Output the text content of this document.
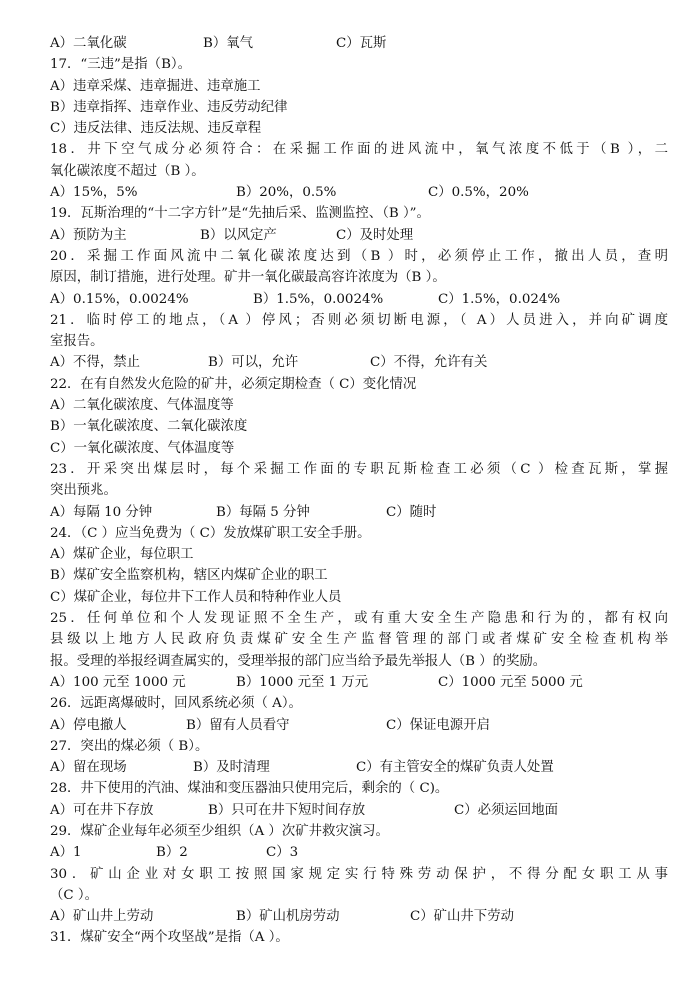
A）二氧化碳	B）氧气	C）瓦斯
17．“三违”是指（B）。
A）违章采煤、违章掘进、违章施工
B）违章指挥、违章作业、违反劳动纪律
C）违反法律、违反法规、违反章程
18．井下空气成分必须符合：在采掘工作面的进风流中，氧气浓度不低于（B ），二
氧化碳浓度不超过（B ）。
A）15%，5%	B）20%，0.5%	C）0.5%，20%
19．瓦斯治理的“十二字方针”是“先抽后采、监测监控、（B ）”。
A）预防为主	B）以风定产	C）及时处理
20．采掘工作面风流中二氧化碳浓度达到（B ）时，必须停止工作，撤出人员，查明
原因，制订措施，进行处理。矿井一氧化碳最高容许浓度为（B ）。
A）0.15%，0.0024%	B）1.5%，0.0024%	C）1.5%，0.024%
21．临时停工的地点，（A ）停风；否则必须切断电源，（ A）人员进入，并向矿调度
室报告。
A）不得，禁止	B）可以，允许	C）不得，允许有关
22．在有自然发火危险的矿井，必须定期检查（ C）变化情况
A）二氧化碳浓度、气体温度等
B）一氧化碳浓度、二氧化碳浓度
C）一氧化碳浓度、气体温度等
23．开采突出煤层时，每个采掘工作面的专职瓦斯检查工必须（C ）检查瓦斯，掌握
突出预兆。
A）每隔 10 分钟	B）每隔 5 分钟	C）随时
24．（C ）应当免费为（ C）发放煤矿职工安全手册。
A）煤矿企业，每位职工
B）煤矿安全监察机构，辖区内煤矿企业的职工
C）煤矿企业，每位井下工作人员和特种作业人员
25．任何单位和个人发现证照不全生产，或有重大安全生产隐患和行为的，都有权向
县级以上地方人民政府负责煤矿安全生产监督管理的部门或者煤矿安全检查机构举
报。受理的举报经调查属实的，受理举报的部门应当给予最先举报人（B ）的奖励。
A）100 元至 1000 元	B）1000 元至 1 万元	C）1000 元至 5000 元
26．远距离爆破时，回风系统必须（ A）。
A）停电撤人	B）留有人员看守	C）保证电源开启
27．突出的煤必须（ B）。
A）留在现场	B）及时清理	C）有主管安全的煤矿负责人处置
28．井下使用的汽油、煤油和变压器油只使用完后，剩余的（ C)。
A）可在井下存放	B）只可在井下短时间存放	C）必须运回地面
29．煤矿企业每年必须至少组织（A ）次矿井救灾演习。
A）1	B）2	C）3
30．矿山企业对女职工按照国家规定实行特殊劳动保护，不得分配女职工从事
（C ）。
A）矿山井上劳动	B）矿山机房劳动	C）矿山井下劳动
31．煤矿安全“两个攻坚战”是指（A ）。
